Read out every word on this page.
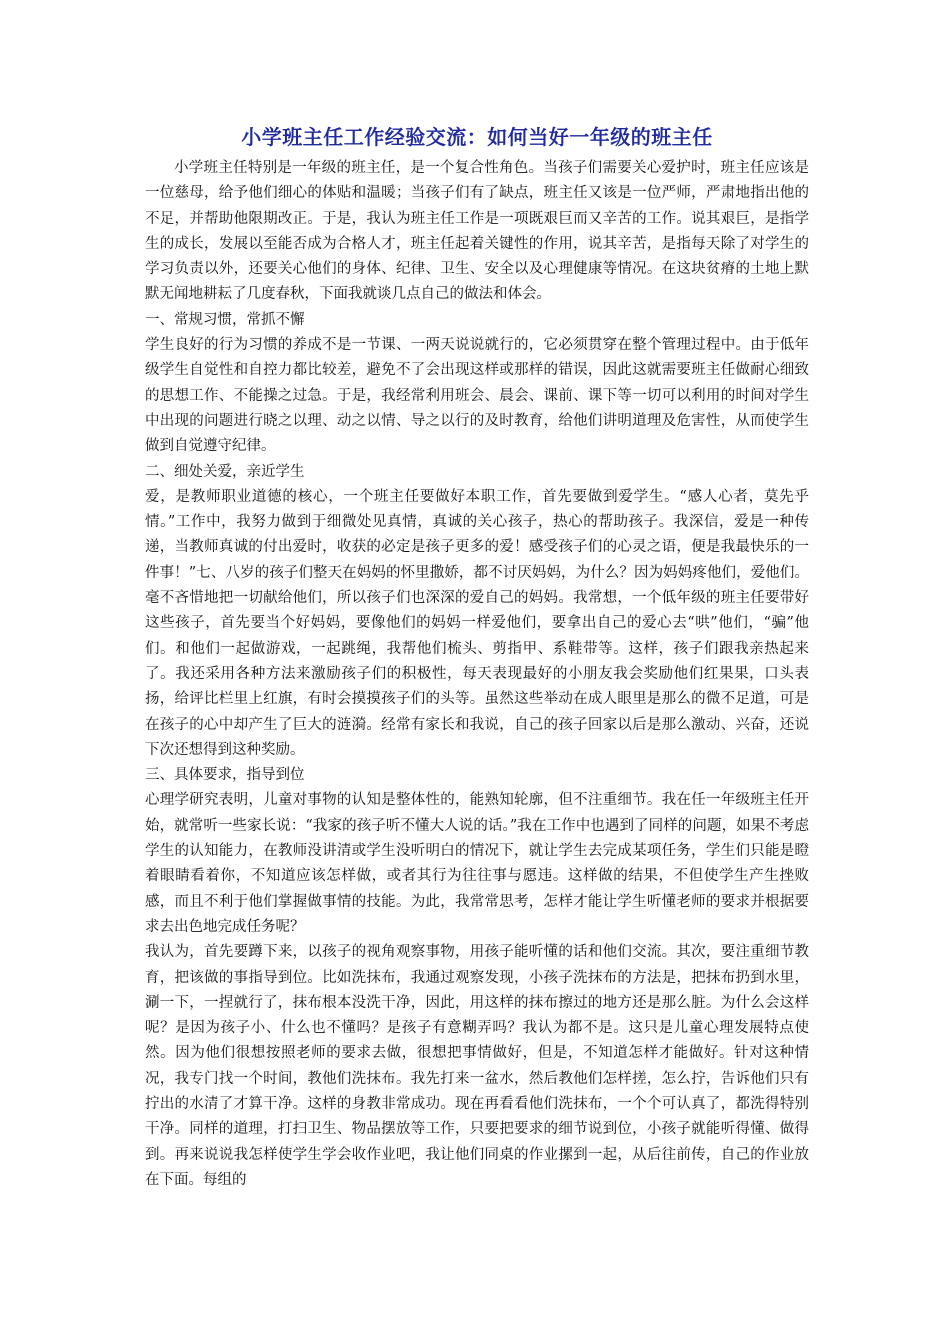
小学班主任工作经验交流：如何当好一年级的班主任

小学班主任特别是一年级的班主任，是一个复合性角色。当孩子们需要关心爱护时，班主任应该是一位慈母，给予他们细心的体贴和温暖；当孩子们有了缺点，班主任又该是一位严师，严肃地指出他的不足，并帮助他限期改正。于是，我认为班主任工作是一项既艰巨而又辛苦的工作。说其艰巨，是指学生的成长，发展以至能否成为合格人才，班主任起着关键性的作用，说其辛苦，是指每天除了对学生的学习负责以外，还要关心他们的身体、纪律、卫生、安全以及心理健康等情况。在这块贫瘠的土地上默默无闻地耕耘了几度春秋，下面我就谈几点自己的做法和体会。

一、常规习惯，常抓不懈

学生良好的行为习惯的养成不是一节课、一两天说说就行的，它必须贯穿在整个管理过程中。由于低年级学生自觉性和自控力都比较差，避免不了会出现这样或那样的错误，因此这就需要班主任做耐心细致的思想工作、不能操之过急。于是，我经常利用班会、晨会、课前、课下等一切可以利用的时间对学生中出现的问题进行晓之以理、动之以情、导之以行的及时教育，给他们讲明道理及危害性，从而使学生做到自觉遵守纪律。

二、细处关爱，亲近学生

爱，是教师职业道德的核心，一个班主任要做好本职工作，首先要做到爱学生。“感人心者，莫先乎情。”工作中，我努力做到于细微处见真情，真诚的关心孩子，热心的帮助孩子。我深信，爱是一种传递，当教师真诚的付出爱时，收获的必定是孩子更多的爱！感受孩子们的心灵之语，便是我最快乐的一件事！”七、八岁的孩子们整天在妈妈的怀里撒娇，都不讨厌妈妈，为什么？因为妈妈疼他们，爱他们。毫不吝惜地把一切献给他们，所以孩子们也深深的爱自己的妈妈。我常想，一个低年级的班主任要带好这些孩子，首先要当个好妈妈，要像他们的妈妈一样爱他们，要拿出自己的爱心去“哄”他们，“骗”他们。和他们一起做游戏，一起跳绳，我帮他们梳头、剪指甲、系鞋带等。这样，孩子们跟我亲热起来了。我还采用各种方法来激励孩子们的积极性，每天表现最好的小朋友我会奖励他们红果果，口头表扬，给评比栏里上红旗，有时会摸摸孩子们的头等。虽然这些举动在成人眼里是那么的微不足道，可是在孩子的心中却产生了巨大的涟漪。经常有家长和我说，自己的孩子回家以后是那么激动、兴奋，还说下次还想得到这种奖励。

三、具体要求，指导到位

心理学研究表明，儿童对事物的认知是整体性的，能熟知轮廓，但不注重细节。我在任一年级班主任开始，就常听一些家长说：“我家的孩子听不懂大人说的话。”我在工作中也遇到了同样的问题，如果不考虑学生的认知能力，在教师没讲清或学生没听明白的情况下，就让学生去完成某项任务，学生们只能是瞪着眼睛看着你，不知道应该怎样做，或者其行为往往事与愿违。这样做的结果，不但使学生产生挫败感，而且不利于他们掌握做事情的技能。为此，我常常思考，怎样才能让学生听懂老师的要求并根据要求去出色地完成任务呢？

我认为，首先要蹲下来，以孩子的视角观察事物，用孩子能听懂的话和他们交流。其次，要注重细节教育，把该做的事指导到位。比如洗抹布，我通过观察发现，小孩子洗抹布的方法是，把抹布扔到水里，涮一下，一捏就行了，抹布根本没洗干净，因此，用这样的抹布擦过的地方还是那么脏。为什么会这样呢？是因为孩子小、什么也不懂吗？是孩子有意糊弄吗？我认为都不是。这只是儿童心理发展特点使然。因为他们很想按照老师的要求去做，很想把事情做好，但是，不知道怎样才能做好。针对这种情况，我专门找一个时间，教他们洗抹布。我先打来一盆水，然后教他们怎样搓，怎么拧，告诉他们只有拧出的水清了才算干净。这样的身教非常成功。现在再看看他们洗抹布，一个个可认真了，都洗得特别干净。同样的道理，打扫卫生、物品摆放等工作，只要把要求的细节说到位，小孩子就能听得懂、做得到。再来说说我怎样使学生学会收作业吧，我让他们同桌的作业摞到一起，从后往前传，自己的作业放在下面。每组的
